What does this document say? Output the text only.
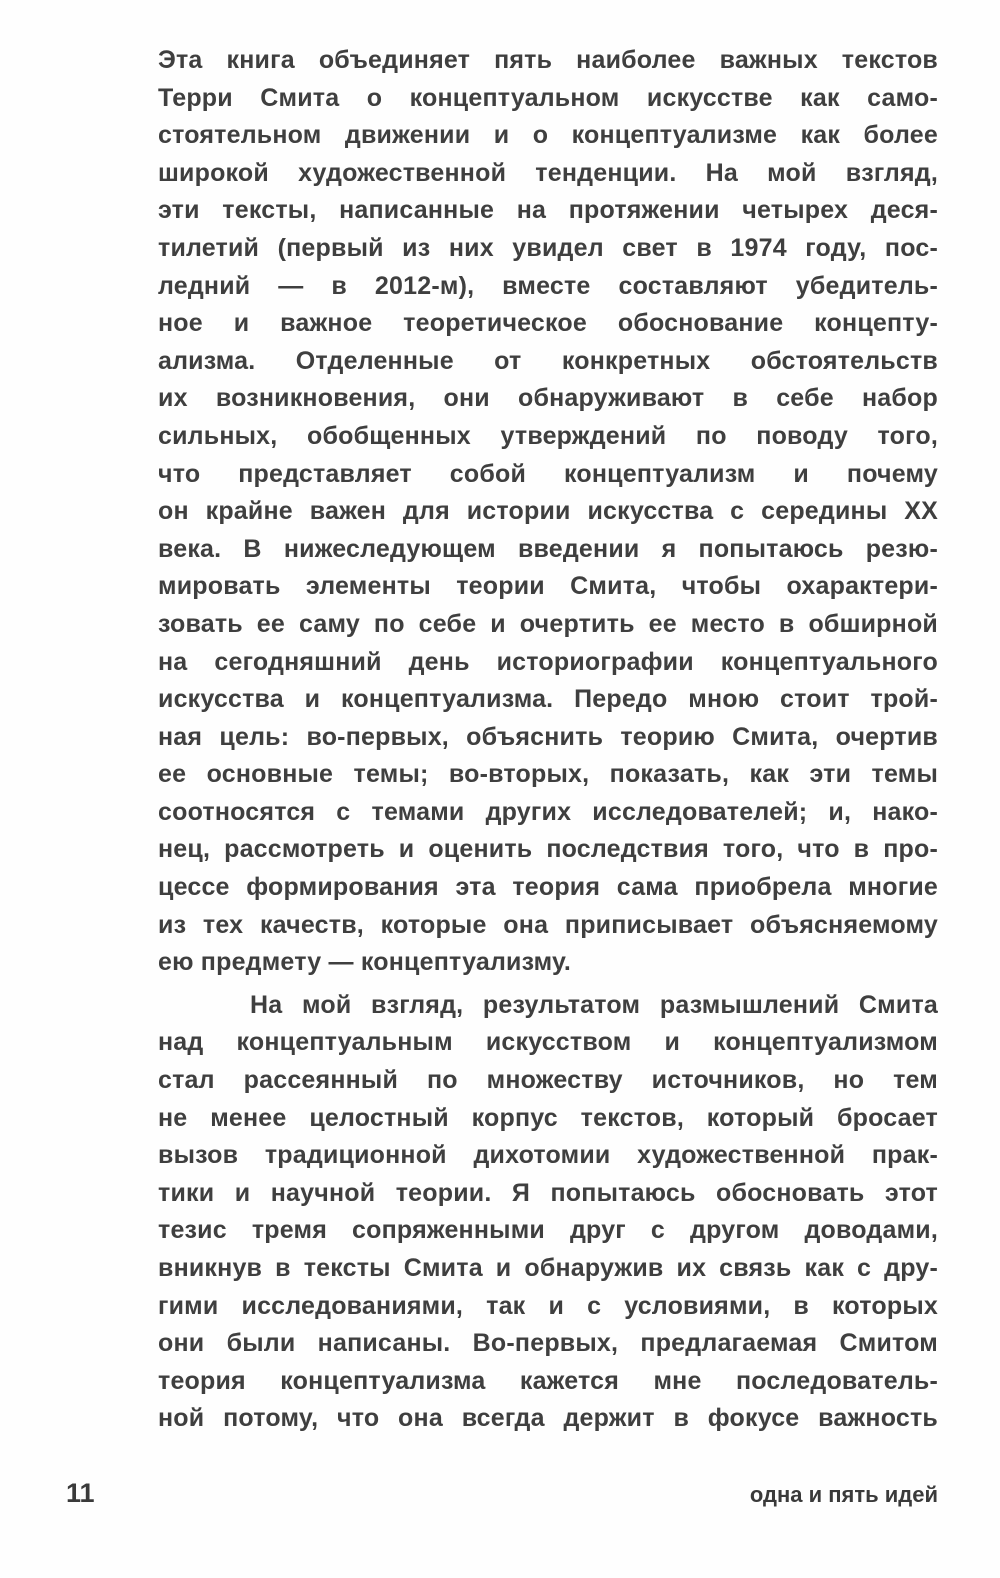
Эта книга объединяет пять наиболее важных текстов
Терри Смита о концептуальном искусстве как само-
стоятельном движении и о концептуализме как более
широкой художественной тенденции. На мой взгляд,
эти тексты, написанные на протяжении четырех деся-
тилетий (первый из них увидел свет в 1974 году, пос-
ледний — в 2012-м), вместе составляют убедитель-
ное и важное теоретическое обоснование концепту-
ализма. Отделенные от конкретных обстоятельств
их возникновения, они обнаруживают в себе набор
сильных, обобщенных утверждений по поводу того,
что представляет собой концептуализм и почему
он крайне важен для истории искусства с середины XX
века. В нижеследующем введении я попытаюсь резю-
мировать элементы теории Смита, чтобы охарактери-
зовать ее саму по себе и очертить ее место в обширной
на сегодняшний день историографии концептуального
искусства и концептуализма. Передо мною стоит трой-
ная цель: во-первых, объяснить теорию Смита, очертив
ее основные темы; во-вторых, показать, как эти темы
соотносятся с темами других исследователей; и, нако-
нец, рассмотреть и оценить последствия того, что в про-
цессе формирования эта теория сама приобрела многие
из тех качеств, которые она приписывает объясняемому
ею предмету — концептуализму.
На мой взгляд, результатом размышлений Смита
над концептуальным искусством и концептуализмом
стал рассеянный по множеству источников, но тем
не менее целостный корпус текстов, который бросает
вызов традиционной дихотомии художественной прак-
тики и научной теории. Я попытаюсь обосновать этот
тезис тремя сопряженными друг с другом доводами,
вникнув в тексты Смита и обнаружив их связь как с дру-
гими исследованиями, так и с условиями, в которых
они были написаны. Во-первых, предлагаемая Смитом
теория концептуализма кажется мне последователь-
ной потому, что она всегда держит в фокусе важность
11	одна и пять идей
